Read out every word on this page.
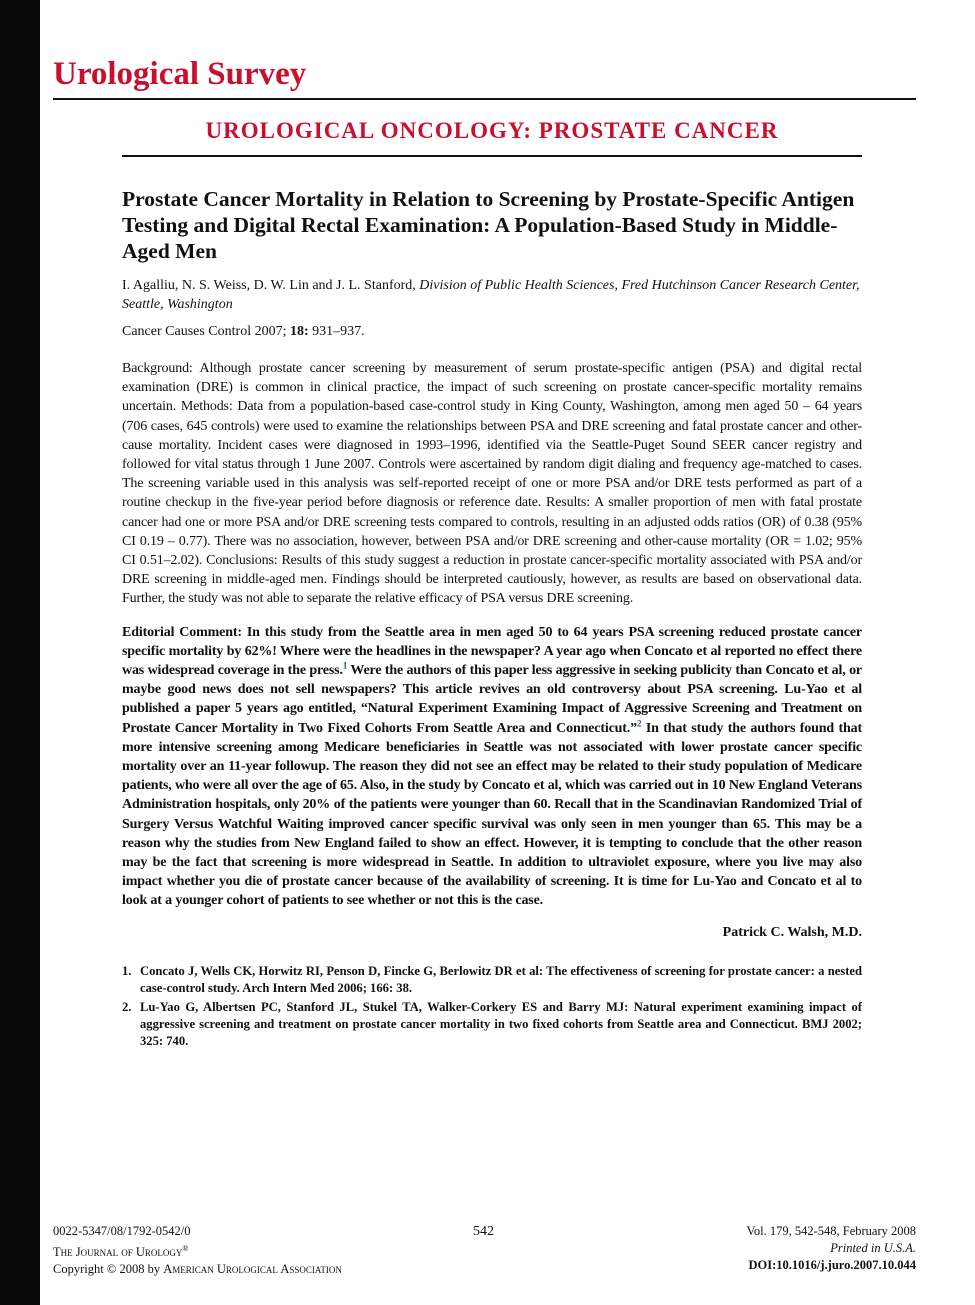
Urological Survey
UROLOGICAL ONCOLOGY: PROSTATE CANCER
Prostate Cancer Mortality in Relation to Screening by Prostate-Specific Antigen Testing and Digital Rectal Examination: A Population-Based Study in Middle-Aged Men
I. Agalliu, N. S. Weiss, D. W. Lin and J. L. Stanford, Division of Public Health Sciences, Fred Hutchinson Cancer Research Center, Seattle, Washington
Cancer Causes Control 2007; 18: 931–937.

Background: Although prostate cancer screening by measurement of serum prostate-specific antigen (PSA) and digital rectal examination (DRE) is common in clinical practice, the impact of such screening on prostate cancer-specific mortality remains uncertain. Methods: Data from a population-based case-control study in King County, Washington, among men aged 50 – 64 years (706 cases, 645 controls) were used to examine the relationships between PSA and DRE screening and fatal prostate cancer and other-cause mortality. Incident cases were diagnosed in 1993–1996, identified via the Seattle-Puget Sound SEER cancer registry and followed for vital status through 1 June 2007. Controls were ascertained by random digit dialing and frequency age-matched to cases. The screening variable used in this analysis was self-reported receipt of one or more PSA and/or DRE tests performed as part of a routine checkup in the five-year period before diagnosis or reference date. Results: A smaller proportion of men with fatal prostate cancer had one or more PSA and/or DRE screening tests compared to controls, resulting in an adjusted odds ratios (OR) of 0.38 (95% CI 0.19 – 0.77). There was no association, however, between PSA and/or DRE screening and other-cause mortality (OR = 1.02; 95% CI 0.51–2.02). Conclusions: Results of this study suggest a reduction in prostate cancer-specific mortality associated with PSA and/or DRE screening in middle-aged men. Findings should be interpreted cautiously, however, as results are based on observational data. Further, the study was not able to separate the relative efficacy of PSA versus DRE screening.

Editorial Comment: In this study from the Seattle area in men aged 50 to 64 years PSA screening reduced prostate cancer specific mortality by 62%! Where were the headlines in the newspaper? A year ago when Concato et al reported no effect there was widespread coverage in the press.$^1$ Were the authors of this paper less aggressive in seeking publicity than Concato et al, or maybe good news does not sell newspapers? This article revives an old controversy about PSA screening. Lu-Yao et al published a paper 5 years ago entitled, “Natural Experiment Examining Impact of Aggressive Screening and Treatment on Prostate Cancer Mortality in Two Fixed Cohorts From Seattle Area and Connecticut.”$^2$ In that study the authors found that more intensive screening among Medicare beneficiaries in Seattle was not associated with lower prostate cancer specific mortality over an 11-year followup. The reason they did not see an effect may be related to their study population of Medicare patients, who were all over the age of 65. Also, in the study by Concato et al, which was carried out in 10 New England Veterans Administration hospitals, only 20% of the patients were younger than 60. Recall that in the Scandinavian Randomized Trial of Surgery Versus Watchful Waiting improved cancer specific survival was only seen in men younger than 65. This may be a reason why the studies from New England failed to show an effect. However, it is tempting to conclude that the other reason may be the fact that screening is more widespread in Seattle. In addition to ultraviolet exposure, where you live may also impact whether you die of prostate cancer because of the availability of screening. It is time for Lu-Yao and Concato et al to look at a younger cohort of patients to see whether or not this is the case.

Patrick C. Walsh, M.D.
1. Concato J, Wells CK, Horwitz RI, Penson D, Fincke G, Berlowitz DR et al: The effectiveness of screening for prostate cancer: a nested case-control study. Arch Intern Med 2006; 166: 38.
2. Lu-Yao G, Albertsen PC, Stanford JL, Stukel TA, Walker-Corkery ES and Barry MJ: Natural experiment examining impact of aggressive screening and treatment on prostate cancer mortality in two fixed cohorts from Seattle area and Connecticut. BMJ 2002; 325: 740.
0022-5347/08/1792-0542/0
The Journal of Urology®
Copyright © 2008 by American Urological Association
542	Vol. 179, 542-548, February 2008
Printed in U.S.A.
DOI:10.1016/j.juro.2007.10.044
